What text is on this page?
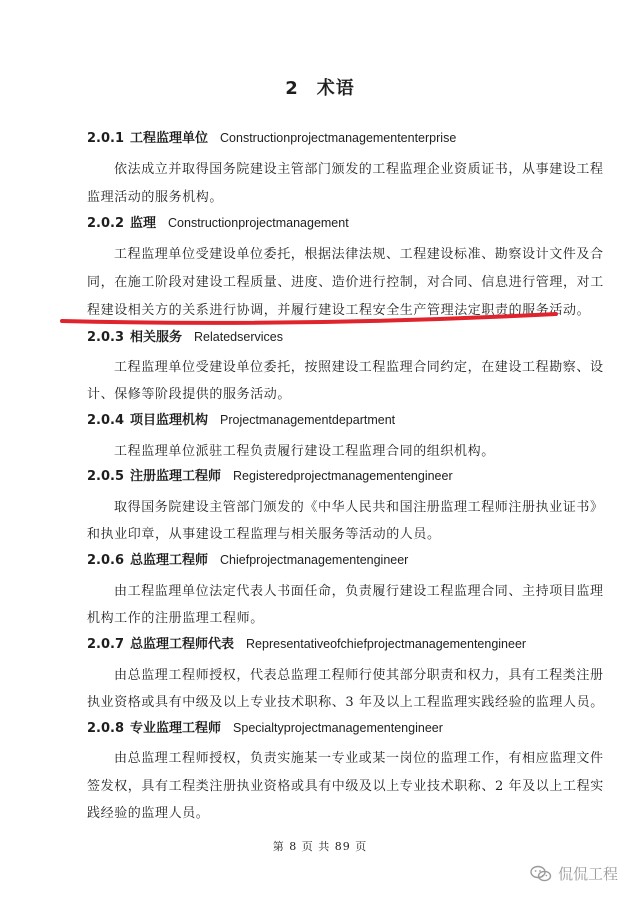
2 术语
2.0.1 工程监理单位 Constructionprojectmanagemententerprise
依法成立并取得国务院建设主管部门颁发的工程监理企业资质证书，从事建设工程
监理活动的服务机构。
2.0.2 监理 Constructionprojectmanagement
工程监理单位受建设单位委托，根据法律法规、工程建设标准、勘察设计文件及合
同，在施工阶段对建设工程质量、进度、造价进行控制，对合同、信息进行管理，对工
程建设相关方的关系进行协调，并履行建设工程安全生产管理法定职责的服务活动。
2.0.3 相关服务 Relatedservices
工程监理单位受建设单位委托，按照建设工程监理合同约定，在建设工程勘察、设
计、保修等阶段提供的服务活动。
2.0.4 项目监理机构 Projectmanagementdepartment
工程监理单位派驻工程负责履行建设工程监理合同的组织机构。
2.0.5 注册监理工程师 Registeredprojectmanagementengineer
取得国务院建设主管部门颁发的《中华人民共和国注册监理工程师注册执业证书》
和执业印章，从事建设工程监理与相关服务等活动的人员。
2.0.6 总监理工程师 Chiefprojectmanagementengineer
由工程监理单位法定代表人书面任命，负责履行建设工程监理合同、主持项目监理
机构工作的注册监理工程师。
2.0.7 总监理工程师代表 Representativeofchiefprojectmanagementengineer
由总监理工程师授权，代表总监理工程师行使其部分职责和权力，具有工程类注册
执业资格或具有中级及以上专业技术职称、3 年及以上工程监理实践经验的监理人员。
2.0.8 专业监理工程师 Specialtyprojectmanagementengineer
由总监理工程师授权，负责实施某一专业或某一岗位的监理工作，有相应监理文件
签发权，具有工程类注册执业资格或具有中级及以上专业技术职称、2 年及以上工程实
践经验的监理人员。
第 8 页 共 89 页
侃侃工程
